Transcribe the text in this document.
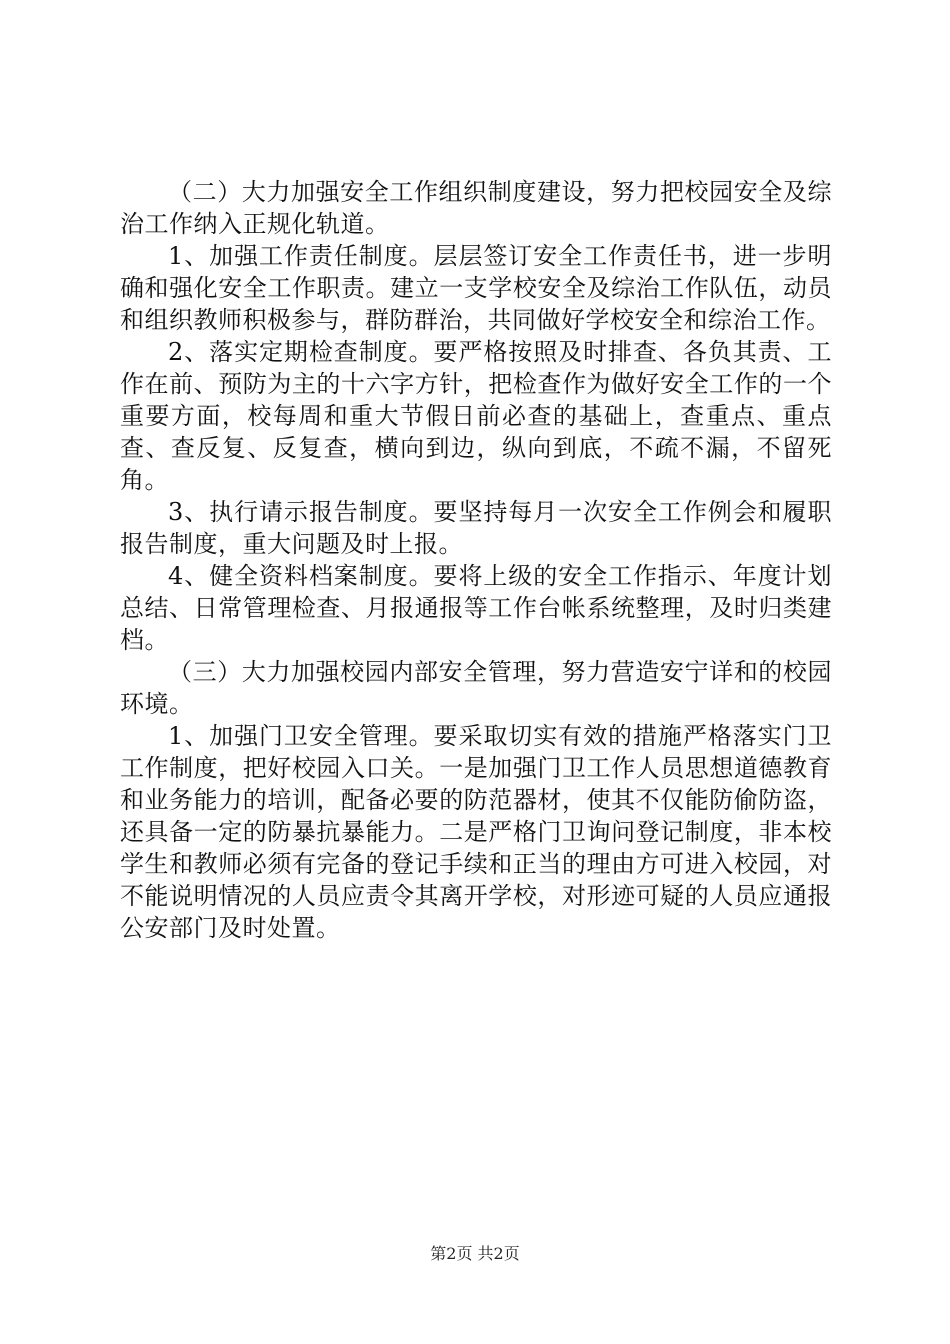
（二）大力加强安全工作组织制度建设，努力把校园安全及综治工作纳入正规化轨道。

1、加强工作责任制度。层层签订安全工作责任书，进一步明确和强化安全工作职责。建立一支学校安全及综治工作队伍，动员和组织教师积极参与，群防群治，共同做好学校安全和综治工作。

2、落实定期检查制度。要严格按照及时排查、各负其责、工作在前、预防为主的十六字方针，把检查作为做好安全工作的一个重要方面，校每周和重大节假日前必查的基础上，查重点、重点查、查反复、反复查，横向到边，纵向到底，不疏不漏，不留死角。

3、执行请示报告制度。要坚持每月一次安全工作例会和履职报告制度，重大问题及时上报。

4、健全资料档案制度。要将上级的安全工作指示、年度计划总结、日常管理检查、月报通报等工作台帐系统整理，及时归类建档。

（三）大力加强校园内部安全管理，努力营造安宁详和的校园环境。

1、加强门卫安全管理。要采取切实有效的措施严格落实门卫工作制度，把好校园入口关。一是加强门卫工作人员思想道德教育和业务能力的培训，配备必要的防范器材，使其不仅能防偷防盗，还具备一定的防暴抗暴能力。二是严格门卫询问登记制度，非本校学生和教师必须有完备的登记手续和正当的理由方可进入校园，对不能说明情况的人员应责令其离开学校，对形迹可疑的人员应通报公安部门及时处置。

第2页 共2页
